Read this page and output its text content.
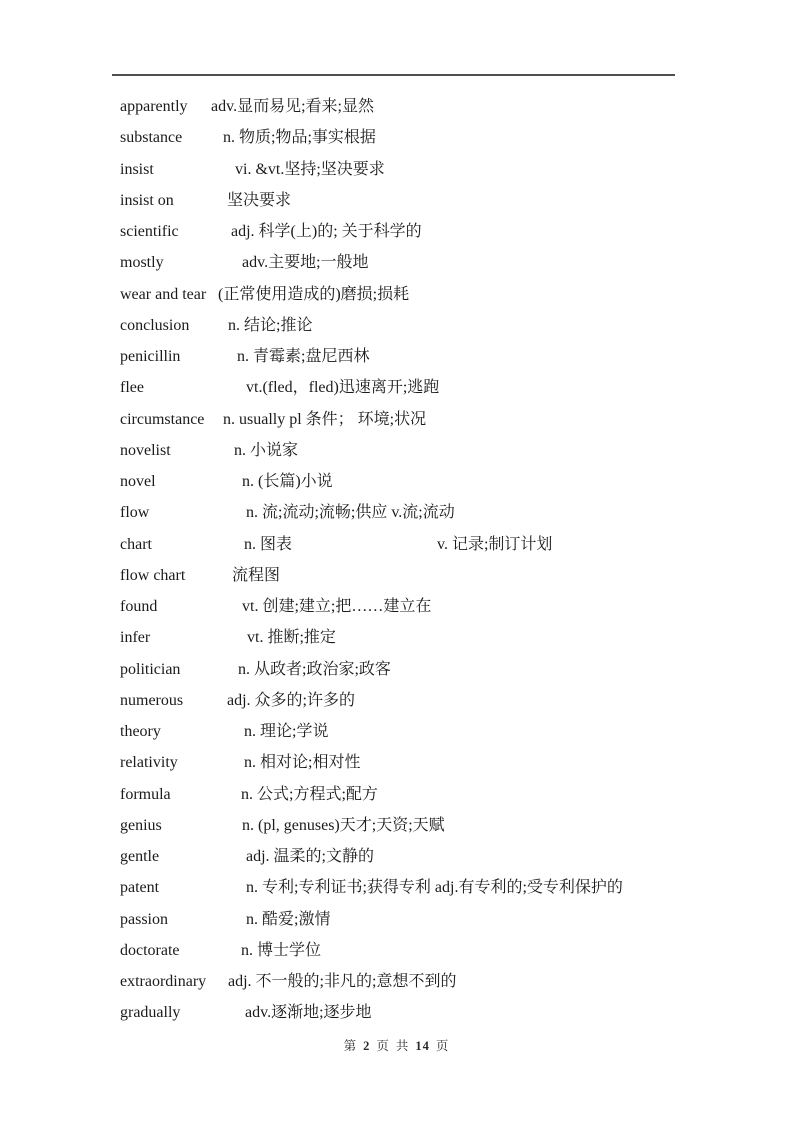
apparently adv.显而易见;看来;显然
substance	n. 物质;物品;事实根据
insist	vi. &vt.坚持;坚决要求
insist on	坚决要求
scientific	adj. 科学(上)的; 关于科学的
mostly	adv.主要地;一般地
wear and tear (正常使用造成的)磨损;损耗
conclusion n. 结论;推论
penicillin	n. 青霉素;盘尼西林
flee	vt.(fled，fled)迅速离开;逃跑
circumstance n. usually pl 条件； 环境;状况
novelist	n. 小说家
novel	n. (长篇)小说
flow	n. 流;流动;流畅;供应 v.流;流动
chart	n. 图表	v. 记录;制订计划
flow chart	流程图
found	vt. 创建;建立;把……建立在
infer	vt. 推断;推定
politician	n. 从政者;政治家;政客
numerous	adj. 众多的;许多的
theory	n. 理论;学说
relativity	n. 相对论;相对性
formula	n. 公式;方程式;配方
genius	n. (pl, genuses)天才;天资;天赋
gentle	adj. 温柔的;文静的
patent	n. 专利;专利证书;获得专利 adj.有专利的;受专利保护的
passion	n. 酷爱;激情
doctorate	n. 博士学位
extraordinary adj. 不一般的;非凡的;意想不到的
gradually	adv.逐渐地;逐步地
第 2 页 共 14 页
